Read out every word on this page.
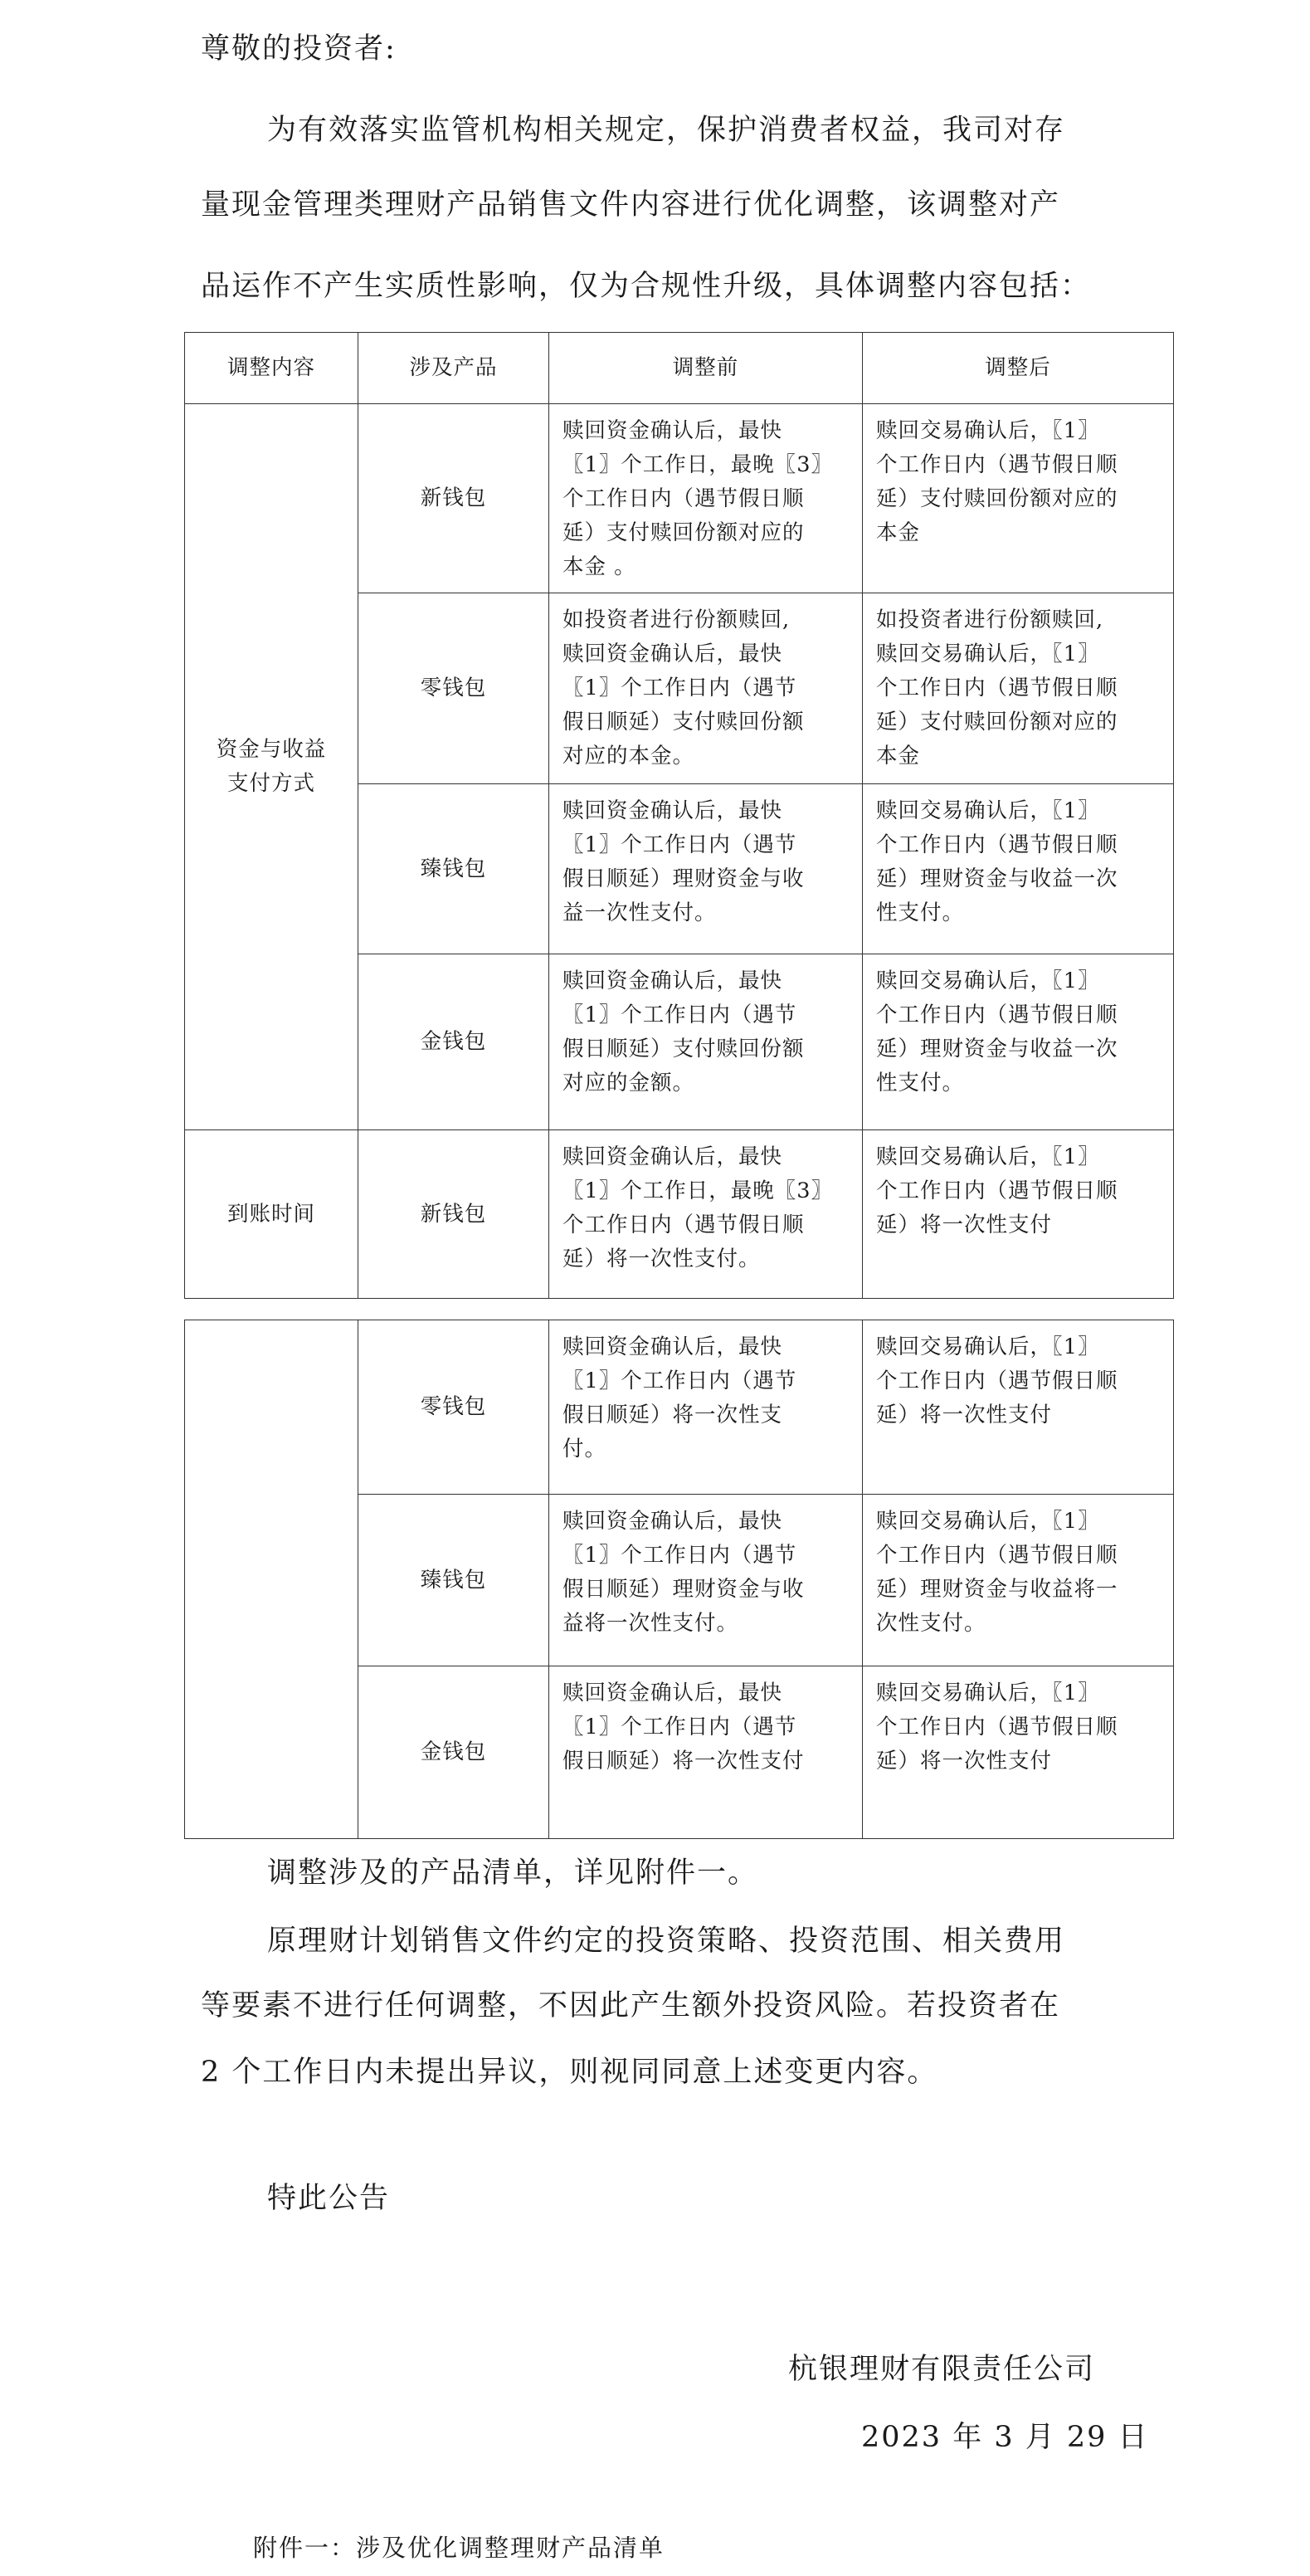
尊敬的投资者:
为有效落实监管机构相关规定，保护消费者权益，我司对存
量现金管理类理财产品销售文件内容进行优化调整，该调整对产
品运作不产生实质性影响，仅为合规性升级，具体调整内容包括：
调整内容	涉及产品	调整前	调整后
资金与收益
支付方式	新钱包	赎回资金确认后，最快
〖1〗个工作日，最晚〖3〗
个工作日内（遇节假日顺
延）支付赎回份额对应的
本金 。	赎回交易确认后，〖1〗
个工作日内（遇节假日顺
延）支付赎回份额对应的
本金
	零钱包	如投资者进行份额赎回,
赎回资金确认后，最快
〖1〗个工作日内（遇节
假日顺延）支付赎回份额
对应的本金。	如投资者进行份额赎回,
赎回交易确认后，〖1〗
个工作日内（遇节假日顺
延）支付赎回份额对应的
本金
	臻钱包	赎回资金确认后，最快
〖1〗个工作日内（遇节
假日顺延）理财资金与收
益一次性支付。	赎回交易确认后，〖1〗
个工作日内（遇节假日顺
延）理财资金与收益一次
性支付。
	金钱包	赎回资金确认后，最快
〖1〗个工作日内（遇节
假日顺延）支付赎回份额
对应的金额。	赎回交易确认后，〖1〗
个工作日内（遇节假日顺
延）理财资金与收益一次
性支付。
到账时间	新钱包	赎回资金确认后，最快
〖1〗个工作日，最晚〖3〗
个工作日内（遇节假日顺
延）将一次性支付。	赎回交易确认后，〖1〗
个工作日内（遇节假日顺
延）将一次性支付
	零钱包	赎回资金确认后，最快
〖1〗个工作日内（遇节
假日顺延）将一次性支
付。	赎回交易确认后，〖1〗
个工作日内（遇节假日顺
延）将一次性支付
	臻钱包	赎回资金确认后，最快
〖1〗个工作日内（遇节
假日顺延）理财资金与收
益将一次性支付。	赎回交易确认后，〖1〗
个工作日内（遇节假日顺
延）理财资金与收益将一
次性支付。
	金钱包	赎回资金确认后，最快
〖1〗个工作日内（遇节
假日顺延）将一次性支付	赎回交易确认后，〖1〗
个工作日内（遇节假日顺
延）将一次性支付
调整涉及的产品清单，详见附件一。
原理财计划销售文件约定的投资策略、投资范围、相关费用
等要素不进行任何调整，不因此产生额外投资风险。若投资者在
2 个工作日内未提出异议，则视同同意上述变更内容。
特此公告
杭银理财有限责任公司
2023 年 3 月 29 日
附件一：涉及优化调整理财产品清单
